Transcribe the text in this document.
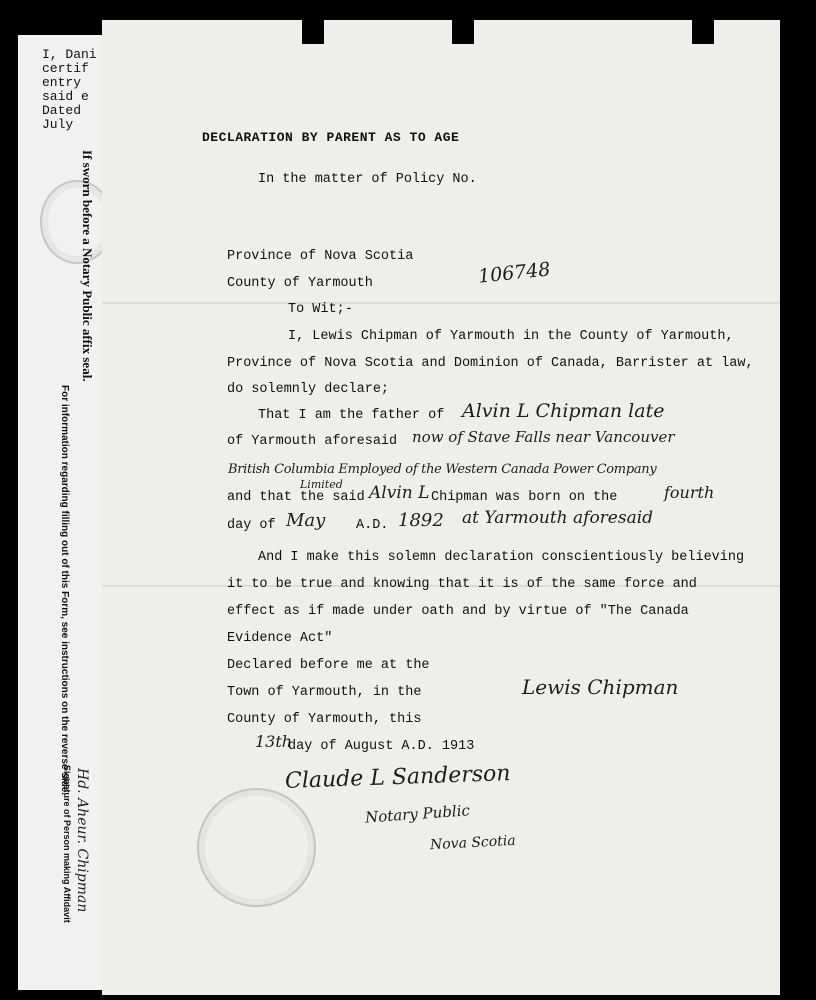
I, Dani
certif
entry
said e
Dated
July
If sworn before a Notary Public affix seal.
For information regarding filling out of this Form, see instructions on the reverse side.
Signature of Person making Affidavit Hd. Aheur. Chipman
DECLARATION BY PARENT AS TO AGE
In the matter of Policy No.
Province of Nova Scotia
County of Yarmouth	106748
To Wit;-
I, Lewis Chipman of Yarmouth in the County of Yarmouth,
Province of Nova Scotia and Dominion of Canada, Barrister at law,
do solemnly declare;
That I am the father of Alvin L Chipman late
of Yarmouth aforesaid now of Stave Falls near Vancouver
British Columbia Employed of the Western Canada Power Company
Limited
and that the said Alvin L Chipman was born on the	fourth
day of May A.D. 1892 at Yarmouth aforesaid
And I make this solemn declaration conscientiously believing
it to be true and knowing that it is of the same force and
effect as if made under oath and by virtue of "The Canada
Evidence Act"
Declared before me at the
Town of Yarmouth, in the
County of Yarmouth, this
Lewis Chipman
13th
day of August A.D. 1913
Claude L Sanderson
Notary Public
Nova Scotia
